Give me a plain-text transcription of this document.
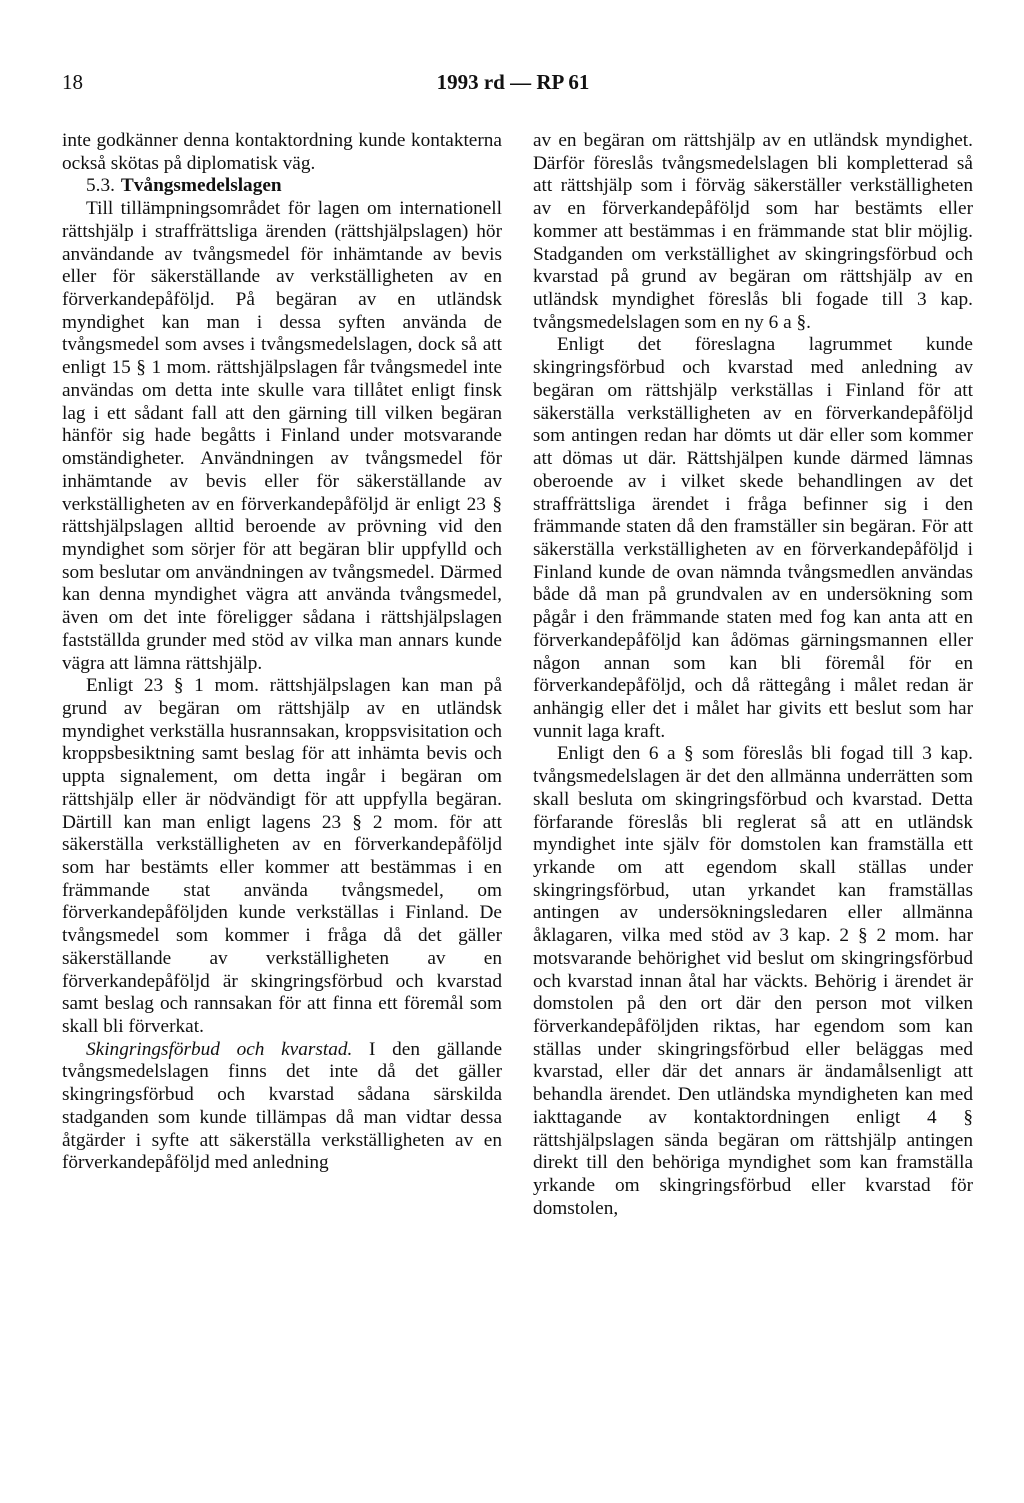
18	1993 rd — RP 61

inte godkänner denna kontaktordning kunde kontakterna också skötas på diplomatisk väg.

5.3. Tvångsmedelslagen

Till tillämpningsområdet för lagen om internationell rättshjälp i straffrättsliga ärenden (rättshjälpslagen) hör användande av tvångsmedel för inhämtande av bevis eller för säkerställande av verkställigheten av en förverkandepåföljd. På begäran av en utländsk myndighet kan man i dessa syften använda de tvångsmedel som avses i tvångsmedelslagen, dock så att enligt 15 § 1 mom. rättshjälpslagen får tvångsmedel inte användas om detta inte skulle vara tillåtet enligt finsk lag i ett sådant fall att den gärning till vilken begäran hänför sig hade begåtts i Finland under motsvarande omständigheter. Användningen av tvångsmedel för inhämtande av bevis eller för säkerställande av verkställigheten av en förverkandepåföljd är enligt 23 § rättshjälpslagen alltid beroende av prövning vid den myndighet som sörjer för att begäran blir uppfylld och som beslutar om användningen av tvångsmedel. Därmed kan denna myndighet vägra att använda tvångsmedel, även om det inte föreligger sådana i rättshjälpslagen fastställda grunder med stöd av vilka man annars kunde vägra att lämna rättshjälp.

Enligt 23 § 1 mom. rättshjälpslagen kan man på grund av begäran om rättshjälp av en utländsk myndighet verkställa husrannsakan, kroppsvisitation och kroppsbesiktning samt beslag för att inhämta bevis och uppta signalement, om detta ingår i begäran om rättshjälp eller är nödvändigt för att uppfylla begäran. Därtill kan man enligt lagens 23 § 2 mom. för att säkerställa verkställigheten av en förverkandepåföljd som har bestämts eller kommer att bestämmas i en främmande stat använda tvångsmedel, om förverkandepåföljden kunde verkställas i Finland. De tvångsmedel som kommer i fråga då det gäller säkerställande av verkställigheten av en förverkandepåföljd är skingringsförbud och kvarstad samt beslag och rannsakan för att finna ett föremål som skall bli förverkat.

Skingringsförbud och kvarstad. I den gällande tvångsmedelslagen finns det inte då det gäller skingringsförbud och kvarstad sådana särskilda stadganden som kunde tillämpas då man vidtar dessa åtgärder i syfte att säkerställa verkställigheten av en förverkandepåföljd med anledning

av en begäran om rättshjälp av en utländsk myndighet. Därför föreslås tvångsmedelslagen bli kompletterad så att rättshjälp som i förväg säkerställer verkställigheten av en förverkandepåföljd som har bestämts eller kommer att bestämmas i en främmande stat blir möjlig. Stadganden om verkställighet av skingringsförbud och kvarstad på grund av begäran om rättshjälp av en utländsk myndighet föreslås bli fogade till 3 kap. tvångsmedelslagen som en ny 6 a §.

Enligt det föreslagna lagrummet kunde skingringsförbud och kvarstad med anledning av begäran om rättshjälp verkställas i Finland för att säkerställa verkställigheten av en förverkandepåföljd som antingen redan har dömts ut där eller som kommer att dömas ut där. Rättshjälpen kunde därmed lämnas oberoende av i vilket skede behandlingen av det straffrättsliga ärendet i fråga befinner sig i den främmande staten då den framställer sin begäran. För att säkerställa verkställigheten av en förverkandepåföljd i Finland kunde de ovan nämnda tvångsmedlen användas både då man på grundvalen av en undersökning som pågår i den främmande staten med fog kan anta att en förverkandepåföljd kan ådömas gärningsmannen eller någon annan som kan bli föremål för en förverkandepåföljd, och då rättegång i målet redan är anhängig eller det i målet har givits ett beslut som har vunnit laga kraft.

Enligt den 6 a § som föreslås bli fogad till 3 kap. tvångsmedelslagen är det den allmänna underrätten som skall besluta om skingringsförbud och kvarstad. Detta förfarande föreslås bli reglerat så att en utländsk myndighet inte själv för domstolen kan framställa ett yrkande om att egendom skall ställas under skingringsförbud, utan yrkandet kan framställas antingen av undersökningsledaren eller allmänna åklagaren, vilka med stöd av 3 kap. 2 § 2 mom. har motsvarande behörighet vid beslut om skingringsförbud och kvarstad innan åtal har väckts. Behörig i ärendet är domstolen på den ort där den person mot vilken förverkandepåföljden riktas, har egendom som kan ställas under skingringsförbud eller beläggas med kvarstad, eller där det annars är ändamålsenligt att behandla ärendet. Den utländska myndigheten kan med iakttagande av kontaktordningen enligt 4 § rättshjälpslagen sända begäran om rättshjälp antingen direkt till den behöriga myndighet som kan framställa yrkande om skingringsförbud eller kvarstad för domstolen,
